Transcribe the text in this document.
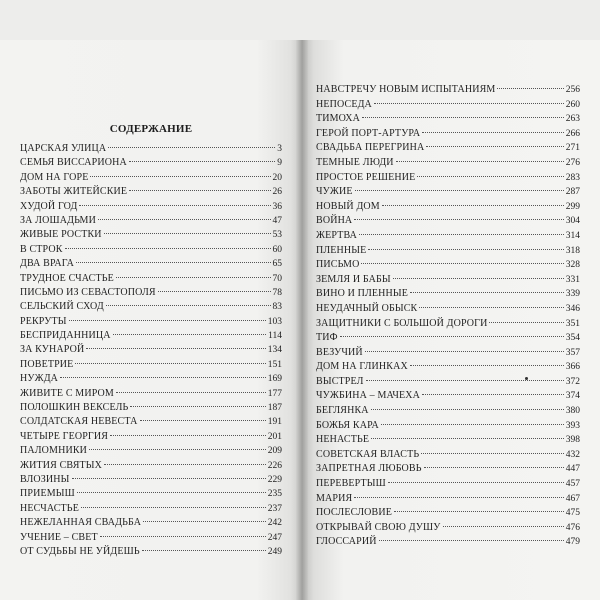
СОДЕРЖАНИЕ
ЦАРСКАЯ УЛИЦА	3
СЕМЬЯ ВИССАРИОНА	9
ДОМ НА ГОРЕ	20
ЗАБОТЫ ЖИТЕЙСКИЕ	26
ХУДОЙ ГОД	36
ЗА ЛОШАДЬМИ	47
ЖИВЫЕ РОСТКИ	53
В СТРОК	60
ДВА ВРАГА	65
ТРУДНОЕ СЧАСТЬЕ	70
ПИСЬМО ИЗ СЕВАСТОПОЛЯ	78
СЕЛЬСКИЙ СХОД	83
РЕКРУТЫ	103
БЕСПРИДАННИЦА	114
ЗА КУНАРОЙ	134
ПОВЕТРИЕ	151
НУЖДА	169
ЖИВИТЕ С МИРОМ	177
ПОЛОШКИН ВЕКСЕЛЬ	187
СОЛДАТСКАЯ НЕВЕСТА	191
ЧЕТЫРЕ ГЕОРГИЯ	201
ПАЛОМНИКИ	209
ЖИТИЯ СВЯТЫХ	226
ВЛОЗИНЫ	229
ПРИЕМЫШ	235
НЕСЧАСТЬЕ	237
НЕЖЕЛАННАЯ СВАДЬБА	242
УЧЕНИЕ – СВЕТ	247
ОТ СУДЬБЫ НЕ УЙДЕШЬ	249
НАВСТРЕЧУ НОВЫМ ИСПЫТАНИЯМ	256
НЕПОСЕДА	260
ТИМОХА	263
ГЕРОЙ ПОРТ-АРТУРА	266
СВАДЬБА ПЕРЕГРИНА	271
ТЕМНЫЕ ЛЮДИ	276
ПРОСТОЕ РЕШЕНИЕ	283
ЧУЖИЕ	287
НОВЫЙ ДОМ	299
ВОЙНА	304
ЖЕРТВА	314
ПЛЕННЫЕ	318
ПИСЬМО	328
ЗЕМЛЯ И БАБЫ	331
ВИНО И ПЛЕННЫЕ	339
НЕУДАЧНЫЙ ОБЫСК	346
ЗАЩИТНИКИ С БОЛЬШОЙ ДОРОГИ	351
ТИФ	354
ВЕЗУЧИЙ	357
ДОМ НА ГЛИНКАХ	366
ВЫСТРЕЛ	372
ЧУЖБИНА – МАЧЕХА	374
БЕГЛЯНКА	380
БОЖЬЯ КАРА	393
НЕНАСТЬЕ	398
СОВЕТСКАЯ ВЛАСТЬ	432
ЗАПРЕТНАЯ ЛЮБОВЬ	447
ПЕРЕВЕРТЫШ	457
МАРИЯ	467
ПОСЛЕСЛОВИЕ	475
ОТКРЫВАЙ СВОЮ ДУШУ	476
ГЛОССАРИЙ	479
